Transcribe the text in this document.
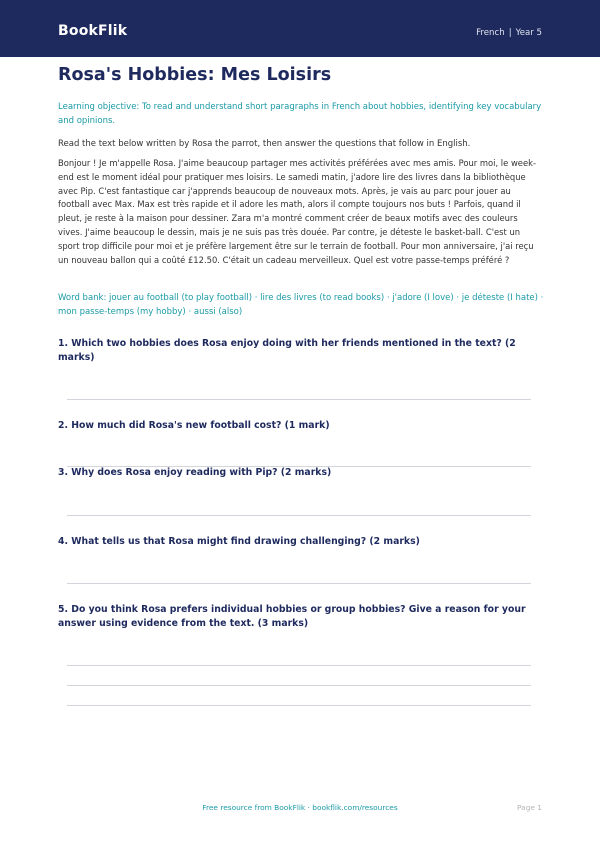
BookFlik	French | Year 5
Rosa's Hobbies: Mes Loisirs

Learning objective: To read and understand short paragraphs in French about hobbies, identifying key vocabulary and opinions.

Read the text below written by Rosa the parrot, then answer the questions that follow in English.

Bonjour ! Je m'appelle Rosa. J'aime beaucoup partager mes activités préférées avec mes amis. Pour moi, le week-end est le moment idéal pour pratiquer mes loisirs. Le samedi matin, j'adore lire des livres dans la bibliothèque avec Pip. C'est fantastique car j'apprends beaucoup de nouveaux mots. Après, je vais au parc pour jouer au football avec Max. Max est très rapide et il adore les math, alors il compte toujours nos buts ! Parfois, quand il pleut, je reste à la maison pour dessiner. Zara m'a montré comment créer de beaux motifs avec des couleurs vives. J'aime beaucoup le dessin, mais je ne suis pas très douée. Par contre, je déteste le basket-ball. C'est un sport trop difficile pour moi et je préfère largement être sur le terrain de football. Pour mon anniversaire, j'ai reçu un nouveau ballon qui a coûté £12.50. C'était un cadeau merveilleux. Quel est votre passe-temps préféré ?

Word bank: jouer au football (to play football) · lire des livres (to read books) · j'adore (I love) · je déteste (I hate) · mon passe-temps (my hobby) · aussi (also)

1. Which two hobbies does Rosa enjoy doing with her friends mentioned in the text? (2 marks)

2. How much did Rosa's new football cost? (1 mark)

3. Why does Rosa enjoy reading with Pip? (2 marks)

4. What tells us that Rosa might find drawing challenging? (2 marks)

5. Do you think Rosa prefers individual hobbies or group hobbies? Give a reason for your answer using evidence from the text. (3 marks)

Free resource from BookFlik · bookflik.com/resources	Page 1
